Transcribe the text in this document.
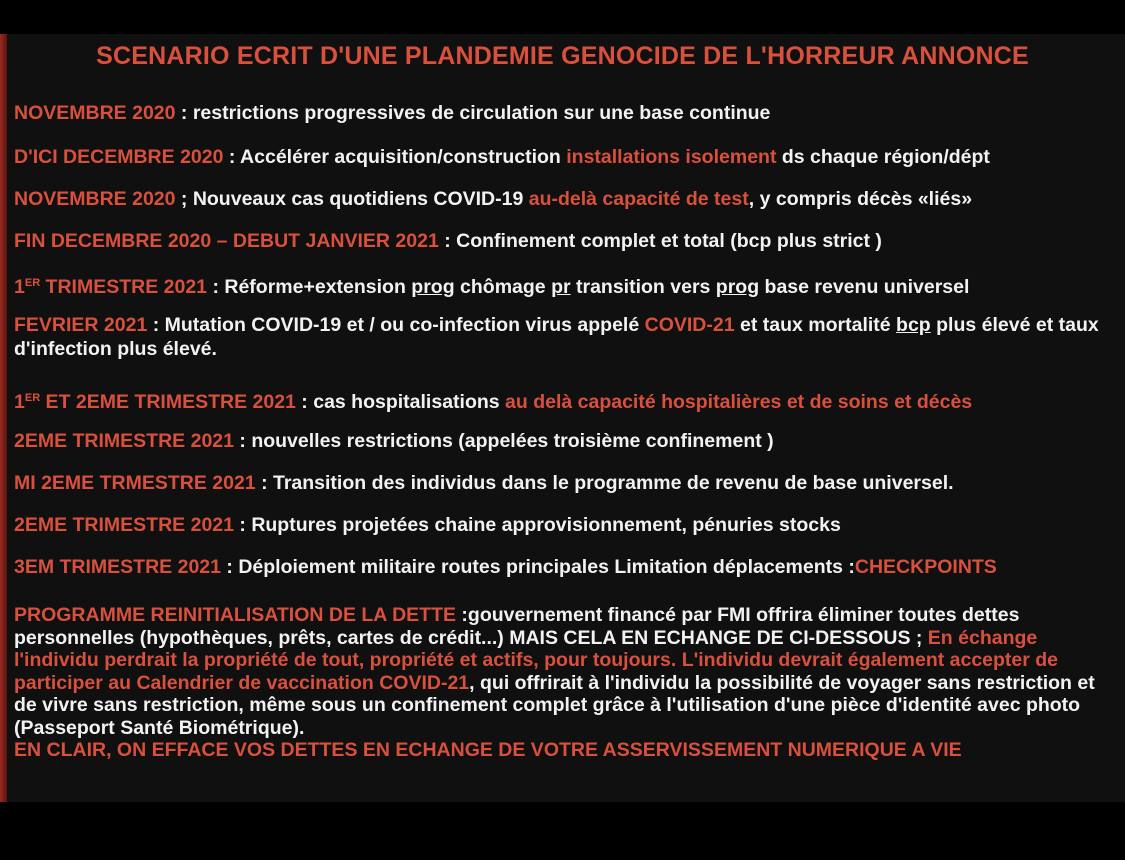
SCENARIO ECRIT D'UNE PLANDEMIE GENOCIDE DE L'HORREUR ANNONCE
NOVEMBRE 2020 : restrictions progressives de circulation sur une base continue
D'ICI DECEMBRE 2020 : Accélérer acquisition/construction installations isolement ds chaque région/dépt
NOVEMBRE 2020 ; Nouveaux cas quotidiens COVID-19 au-delà capacité de test, y compris décès «liés»
FIN DECEMBRE 2020 – DEBUT JANVIER 2021 : Confinement complet et total (bcp plus strict )
1ER TRIMESTRE 2021 : Réforme+extension prog chômage pr transition vers prog base revenu universel
FEVRIER 2021 : Mutation COVID-19 et / ou co-infection virus appelé COVID-21 et taux mortalité bcp plus élevé et taux d'infection plus élevé.
1ER ET 2EME TRIMESTRE 2021 : cas hospitalisations au delà capacité hospitalières et de soins et décès
2EME TRIMESTRE 2021 : nouvelles restrictions (appelées troisième confinement )
MI 2EME TRMESTRE 2021 : Transition des individus dans le programme de revenu de base universel.
2EME TRIMESTRE 2021 : Ruptures projetées chaine approvisionnement, pénuries stocks
3EM TRIMESTRE 2021 : Déploiement militaire routes principales Limitation déplacements :CHECKPOINTS
PROGRAMME REINITIALISATION DE LA DETTE :gouvernement financé par FMI offrira éliminer toutes dettes personnelles (hypothèques, prêts, cartes de crédit...) MAIS CELA EN ECHANGE DE CI-DESSOUS ; En échange l'individu perdrait la propriété de tout, propriété et actifs, pour toujours. L'individu devrait également accepter de participer au Calendrier de vaccination COVID-21, qui offrirait à l'individu la possibilité de voyager sans restriction et de vivre sans restriction, même sous un confinement complet grâce à l'utilisation d'une pièce d'identité avec photo (Passeport Santé Biométrique).
EN CLAIR, ON EFFACE VOS DETTES EN ECHANGE DE VOTRE ASSERVISSEMENT NUMERIQUE A VIE
